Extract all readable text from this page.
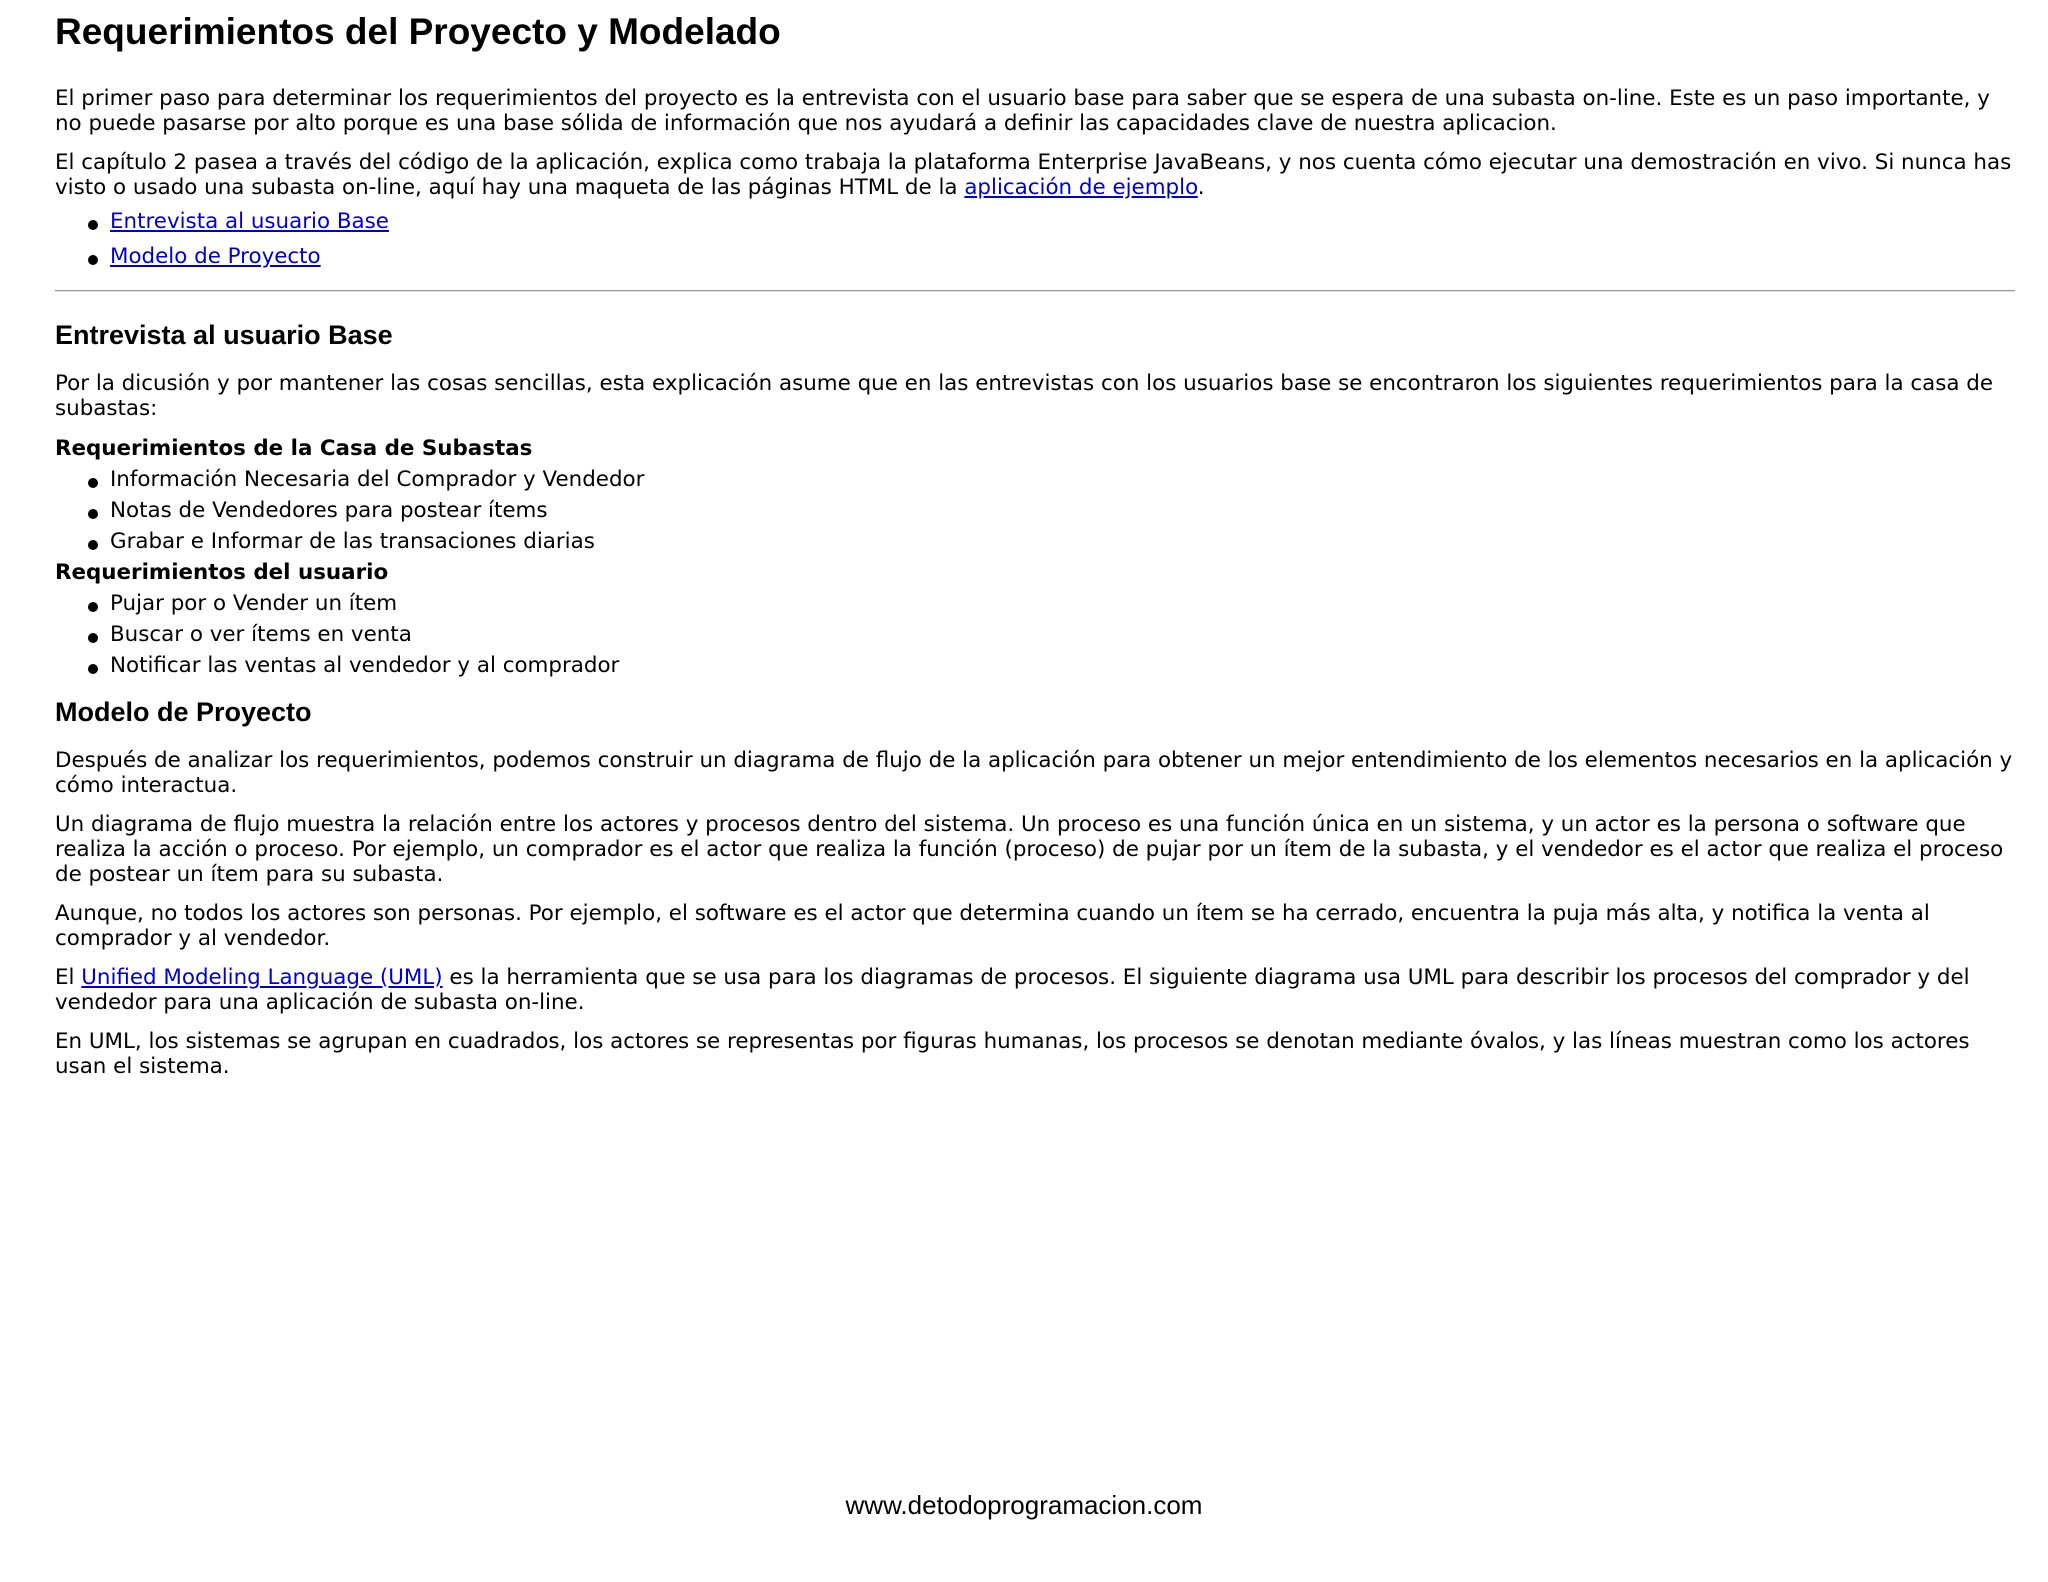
Requerimientos del Proyecto y Modelado

El primer paso para determinar los requerimientos del proyecto es la entrevista con el usuario base para saber que se espera de una subasta on-line. Este es un paso importante, y no puede pasarse por alto porque es una base sólida de información que nos ayudará a definir las capacidades clave de nuestra aplicacion.

El capítulo 2 pasea a través del código de la aplicación, explica como trabaja la plataforma Enterprise JavaBeans, y nos cuenta cómo ejecutar una demostración en vivo. Si nunca has visto o usado una subasta on-line, aquí hay una maqueta de las páginas HTML de la aplicación de ejemplo.

Entrevista al usuario Base
Modelo de Proyecto
Entrevista al usuario Base

Por la dicusión y por mantener las cosas sencillas, esta explicación asume que en las entrevistas con los usuarios base se encontraron los siguientes requerimientos para la casa de subastas:

Requerimientos de la Casa de Subastas
Información Necesaria del Comprador y Vendedor
Notas de Vendedores para postear ítems
Grabar e Informar de las transaciones diarias
Requerimientos del usuario
Pujar por o Vender un ítem
Buscar o ver ítems en venta
Notificar las ventas al vendedor y al comprador
Modelo de Proyecto

Después de analizar los requerimientos, podemos construir un diagrama de flujo de la aplicación para obtener un mejor entendimiento de los elementos necesarios en la aplicación y cómo interactua.

Un diagrama de flujo muestra la relación entre los actores y procesos dentro del sistema. Un proceso es una función única en un sistema, y un actor es la persona o software que realiza la acción o proceso. Por ejemplo, un comprador es el actor que realiza la función (proceso) de pujar por un ítem de la subasta, y el vendedor es el actor que realiza el proceso de postear un ítem para su subasta.

Aunque, no todos los actores son personas. Por ejemplo, el software es el actor que determina cuando un ítem se ha cerrado, encuentra la puja más alta, y notifica la venta al comprador y al vendedor.

El Unified Modeling Language (UML) es la herramienta que se usa para los diagramas de procesos. El siguiente diagrama usa UML para describir los procesos del comprador y del vendedor para una aplicación de subasta on-line.

En UML, los sistemas se agrupan en cuadrados, los actores se representas por figuras humanas, los procesos se denotan mediante óvalos, y las líneas muestran como los actores usan el sistema.

www.detodoprogramacion.com
